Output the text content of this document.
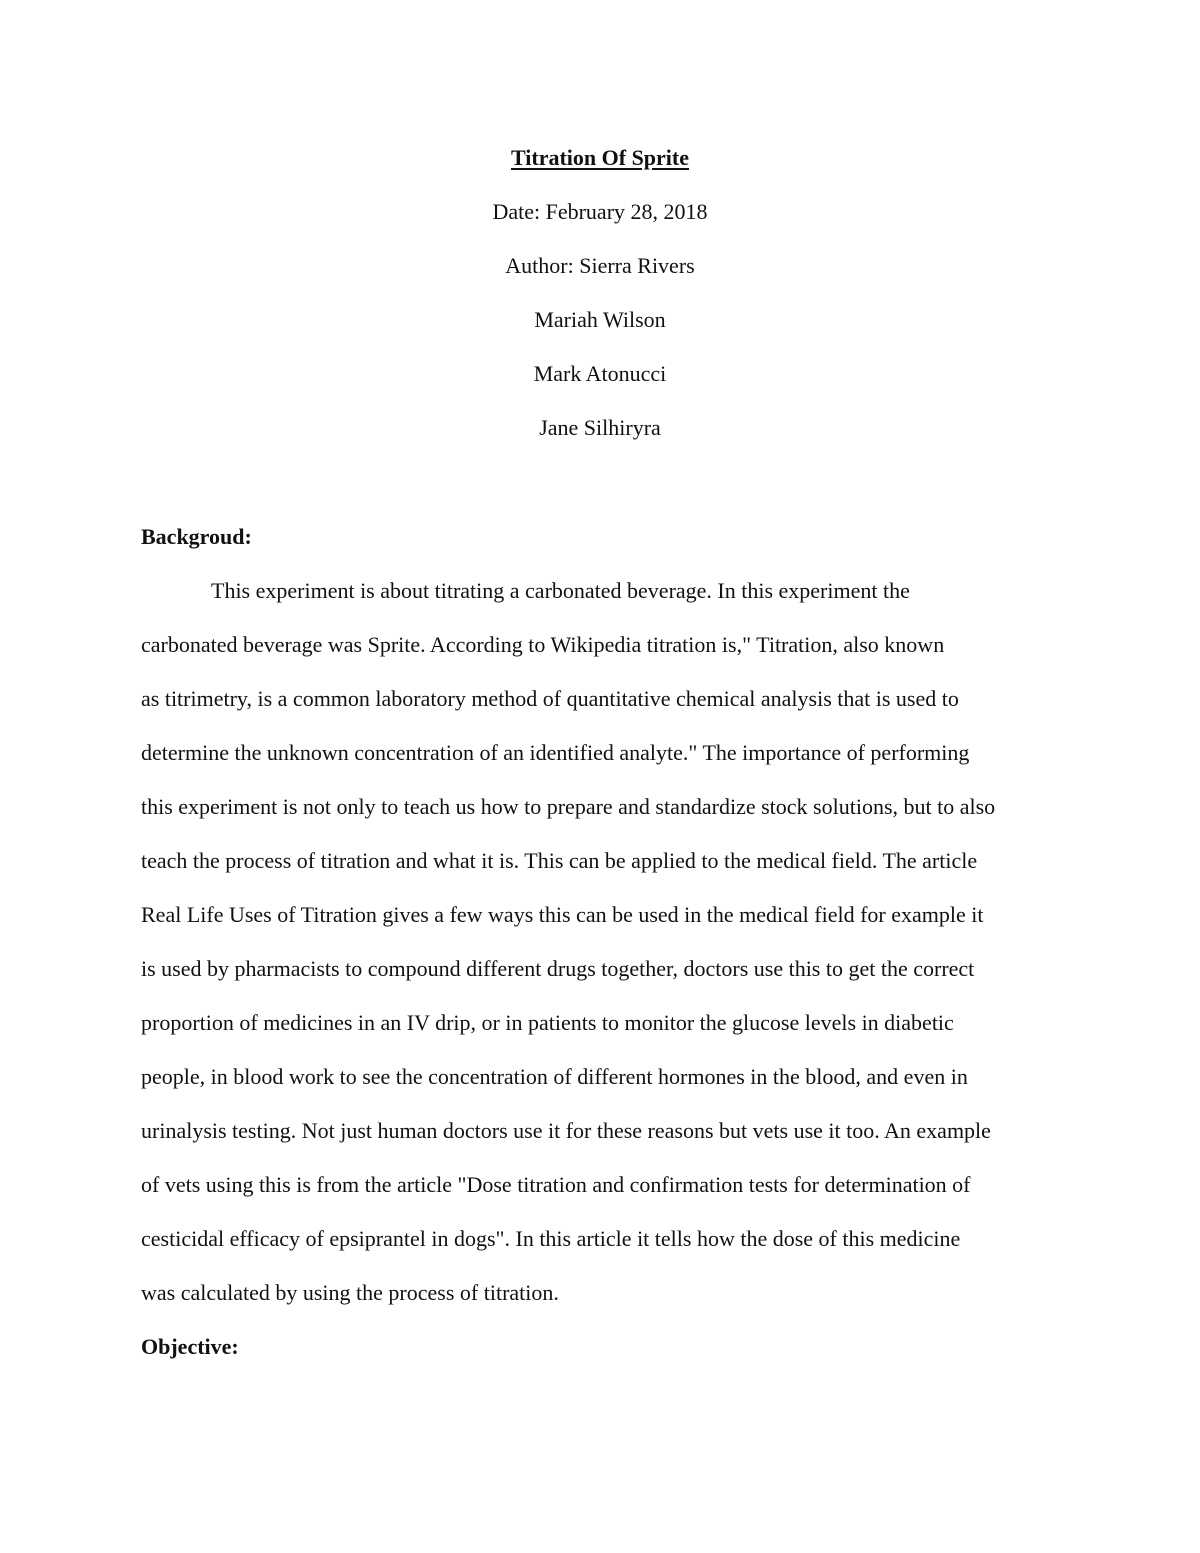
Titration Of Sprite
Date: February 28, 2018
Author: Sierra Rivers
Mariah Wilson
Mark Atonucci
Jane Silhiryra
Backgroud:
This experiment is about titrating a carbonated beverage. In this experiment the
carbonated beverage was Sprite. According to Wikipedia titration is," Titration, also known
as titrimetry, is a common laboratory method of quantitative chemical analysis that is used to
determine the unknown concentration of an identified analyte." The importance of performing
this experiment is not only to teach us how to prepare and standardize stock solutions, but to also
teach the process of titration and what it is. This can be applied to the medical field. The article
Real Life Uses of Titration gives a few ways this can be used in the medical field for example it
is used by pharmacists to compound different drugs together, doctors use this to get the correct
proportion of medicines in an IV drip, or in patients to monitor the glucose levels in diabetic
people, in blood work to see the concentration of different hormones in the blood, and even in
urinalysis testing. Not just human doctors use it for these reasons but vets use it too. An example
of vets using this is from the article "Dose titration and confirmation tests for determination of
cesticidal efficacy of epsiprantel in dogs". In this article it tells how the dose of this medicine
was calculated by using the process of titration.
Objective:
